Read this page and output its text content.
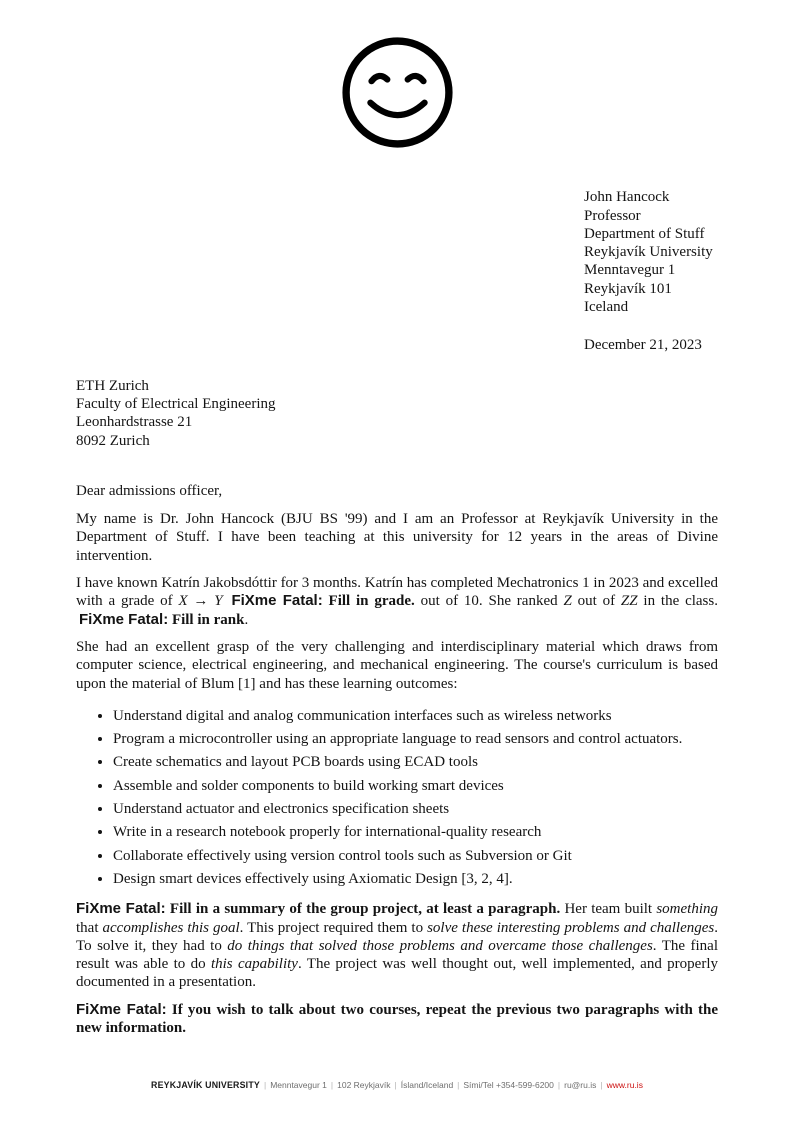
John Hancock
Professor
Department of Stuff
Reykjavík University
Menntavegur 1
Reykjavík 101
Iceland
December 21, 2023
ETH Zurich
Faculty of Electrical Engineering
Leonhardstrasse 21
8092 Zurich
Dear admissions officer,

My name is Dr. John Hancock (BJU BS '99) and I am an Professor at Reykjavík University in the Department of Stuff. I have been teaching at this university for 12 years in the areas of Divine intervention.

I have known Katrín Jakobsdóttir for 3 months. Katrín has completed Mechatronics 1 in 2023 and excelled with a grade of X → Y FiXme Fatal: Fill in grade. out of 10. She ranked Z out of ZZ in the class. FiXme Fatal: Fill in rank.

She had an excellent grasp of the very challenging and interdisciplinary material which draws from computer science, electrical engineering, and mechanical engineering. The course's curriculum is based upon the material of Blum [1] and has these learning outcomes:

• Understand digital and analog communication interfaces such as wireless networks
• Program a microcontroller using an appropriate language to read sensors and control actuators.
• Create schematics and layout PCB boards using ECAD tools
• Assemble and solder components to build working smart devices
• Understand actuator and electronics specification sheets
• Write in a research notebook properly for international-quality research
• Collaborate effectively using version control tools such as Subversion or Git
• Design smart devices effectively using Axiomatic Design [3, 2, 4].

FiXme Fatal: Fill in a summary of the group project, at least a paragraph. Her team built something that accomplishes this goal. This project required them to solve these interesting problems and challenges. To solve it, they had to do things that solved those problems and overcame those challenges. The final result was able to do this capability. The project was well thought out, well implemented, and properly documented in a presentation.

FiXme Fatal: If you wish to talk about two courses, repeat the previous two paragraphs with the new information.

REYKJAVÍK UNIVERSITY | Menntavegur 1 | 102 Reykjavík | Ísland/Iceland | Sími/Tel +354-599-6200 | ru@ru.is | www.ru.is
